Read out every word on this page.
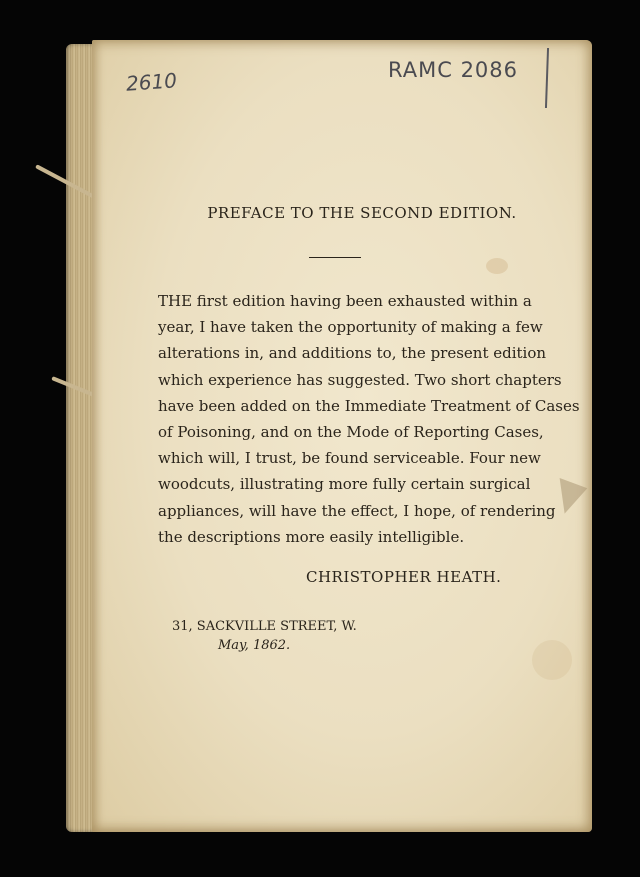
2610	RAMC 2086
PREFACE TO THE SECOND EDITION.
THE first edition having been exhausted within a
year, I have taken the opportunity of making a few
alterations in, and additions to, the present edition
which experience has suggested. Two short chapters
have been added on the Immediate Treatment of Cases
of Poisoning, and on the Mode of Reporting Cases,
which will, I trust, be found serviceable. Four new
woodcuts, illustrating more fully certain surgical
appliances, will have the effect, I hope, of rendering
the descriptions more easily intelligible.
CHRISTOPHER HEATH.
31, SACKVILLE STREET, W.
May, 1862.
